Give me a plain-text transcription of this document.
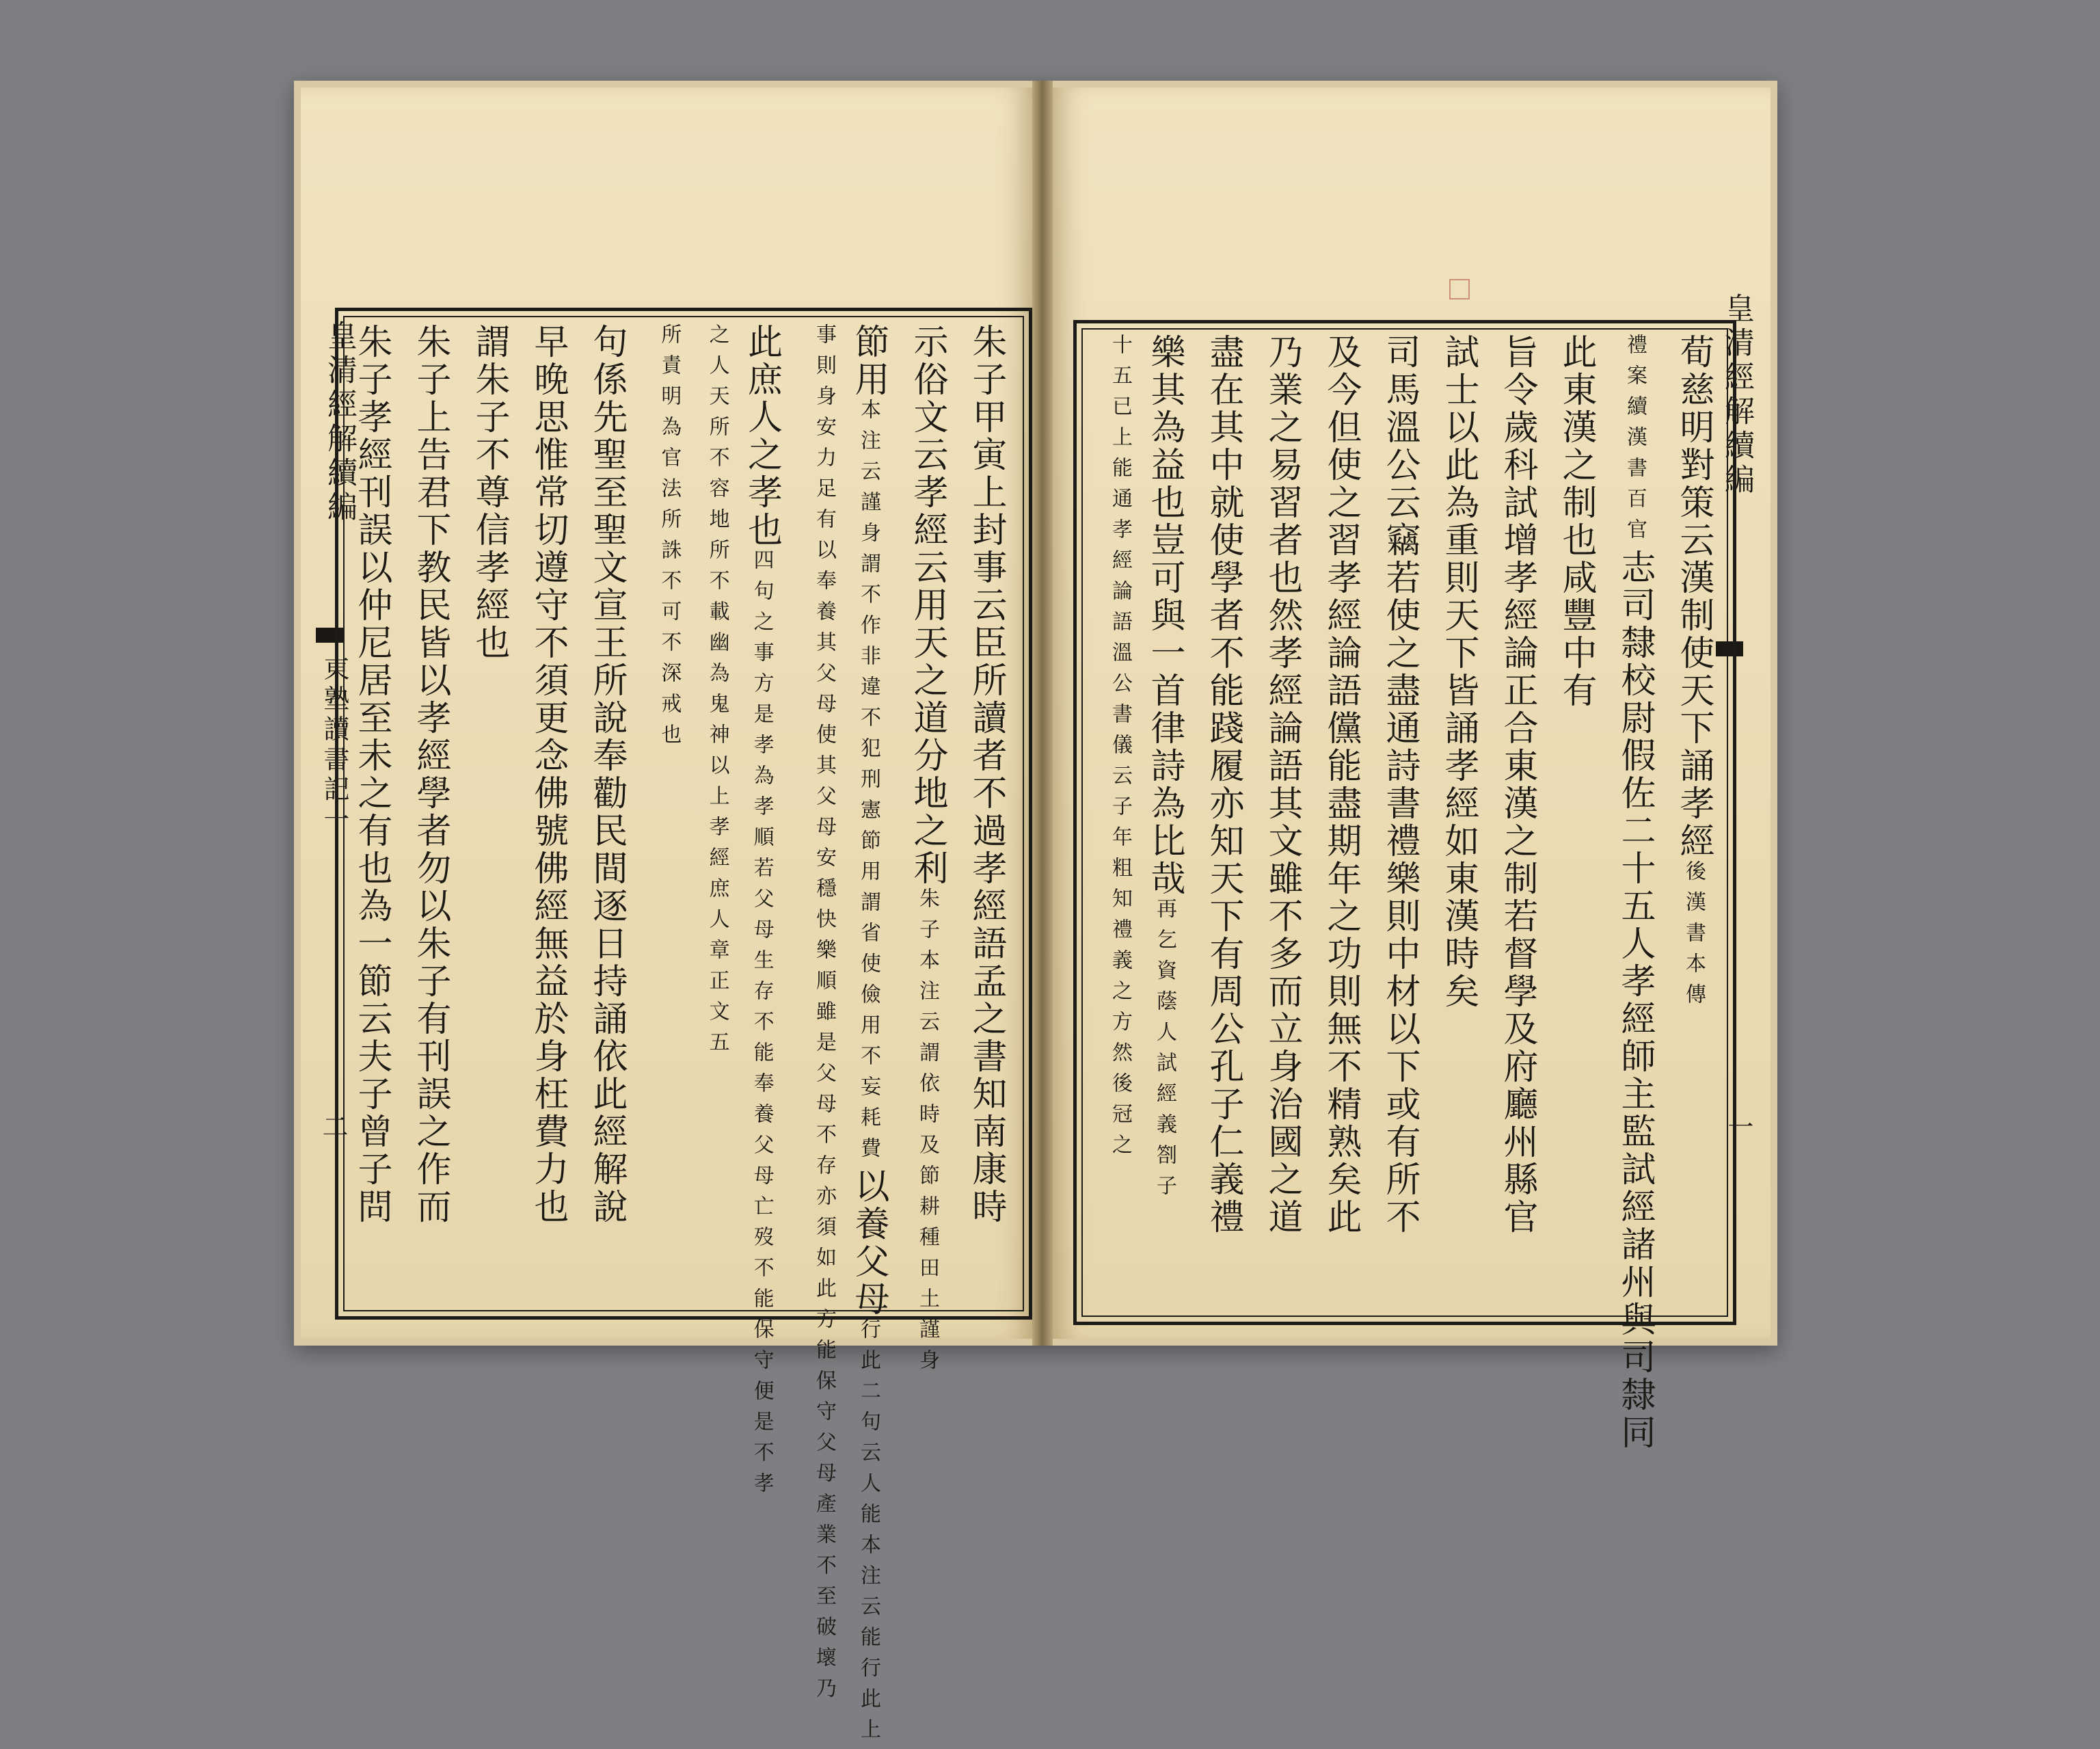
皇清經解續編
東塾讀書記一
二	朱子甲寅上封事云臣所讀者不過孝經語孟之書知南康時
示俗文云孝經云用天之道分地之利朱子本注云謂依時及節耕種田土謹身
節用本注云謹身謂不作非違不犯刑憲節用謂省使儉用不妄耗費以養父母行此二句云人能本注云能行此上
事則身安力足有以奉養其父母使其父母安穩快樂順雖是父母不存亦須如此方能保守父母產業不至破壞乃
此庶人之孝也四句之事方是孝為孝順若父母生存不能奉養父母亡歿不能保守便是不孝
之人天所不容地所不載幽為鬼神以上孝經庶人章正文五
所責明為官法所誅不可不深戒也
句係先聖至聖文宣王所說奉勸民間逐日持誦依此經解說
早晚思惟常切遵守不須更念佛號佛經無益於身枉費力也
謂朱子不尊信孝經也
朱子上告君下教民皆以孝經學者勿以朱子有刊誤之作而
朱子孝經刊誤以仲尼居至未之有也為一節云夫子曾子問	皇清經解續編
一
荀慈明對策云漢制使天下誦孝經後漢書本傳
禮案續漢書百官志司隸校尉假佐二十五人孝經師主監試經諸州與司隸同
此東漢之制也咸豐中有
旨令歲科試增孝經論正合東漢之制若督學及府廳州縣官
試士以此為重則天下皆誦孝經如東漢時矣
司馬溫公云竊若使之盡通詩書禮樂則中材以下或有所不
及今但使之習孝經論語儻能盡期年之功則無不精熟矣此
乃業之易習者也然孝經論語其文雖不多而立身治國之道
盡在其中就使學者不能踐履亦知天下有周公孔子仁義禮
樂其為益也豈可與一首律詩為比哉再乞資蔭人試經義劄子
十五已上能通孝經論語溫公書儀云子年粗知禮義之方然後冠之
